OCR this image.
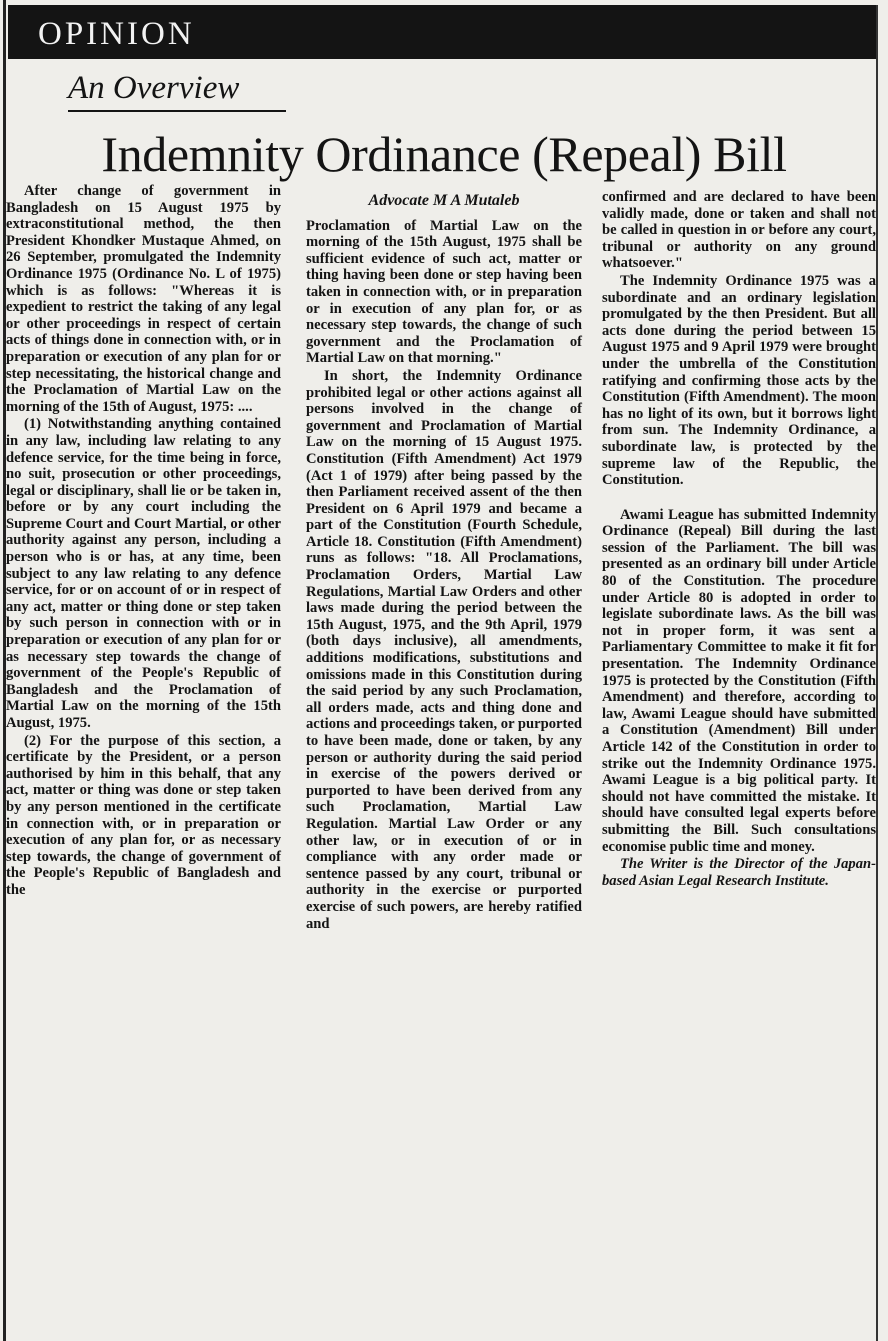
OPINION
An Overview
Indemnity Ordinance (Repeal) Bill

After change of government in Bangladesh on 15 August 1975 by extraconstitutional method, the then President Khondker Mustaque Ahmed, on 26 September, promulgated the Indemnity Ordinance 1975 (Ordinance No. L of 1975) which is as follows: "Whereas it is expedient to restrict the taking of any legal or other proceedings in respect of certain acts of things done in connection with, or in preparation or execution of any plan for or step necessitating, the historical change and the Proclamation of Martial Law on the morning of the 15th of August, 1975: ....

(1) Notwithstanding anything contained in any law, including law relating to any defence service, for the time being in force, no suit, prosecution or other proceedings, legal or disciplinary, shall lie or be taken in, before or by any court including the Supreme Court and Court Martial, or other authority against any person, including a person who is or has, at any time, been subject to any law relating to any defence service, for or on account of or in respect of any act, matter or thing done or step taken by such person in connection with or in preparation or execution of any plan for or as necessary step towards the change of government of the People's Republic of Bangladesh and the Proclamation of Martial Law on the morning of the 15th August, 1975.

(2) For the purpose of this section, a certificate by the President, or a person authorised by him in this behalf, that any act, matter or thing was done or step taken by any person mentioned in the certificate in connection with, or in preparation or execution of any plan for, or as necessary step towards, the change of government of the People's Republic of Bangladesh and the

Advocate M A Mutaleb

Proclamation of Martial Law on the morning of the 15th August, 1975 shall be sufficient evidence of such act, matter or thing having been done or step having been taken in connection with, or in preparation or in execution of any plan for, or as necessary step towards, the change of such government and the Proclamation of Martial Law on that morning."

In short, the Indemnity Ordinance prohibited legal or other actions against all persons involved in the change of government and Proclamation of Martial Law on the morning of 15 August 1975. Constitution (Fifth Amendment) Act 1979 (Act 1 of 1979) after being passed by the then Parliament received assent of the then President on 6 April 1979 and became a part of the Constitution (Fourth Schedule, Article 18. Constitution (Fifth Amendment) runs as follows: "18. All Proclamations, Proclamation Orders, Martial Law Regulations, Martial Law Orders and other laws made during the period between the 15th August, 1975, and the 9th April, 1979 (both days inclusive), all amendments, additions modifications, substitutions and omissions made in this Constitution during the said period by any such Proclamation, all orders made, acts and thing done and actions and proceedings taken, or purported to have been made, done or taken, by any person or authority during the said period in exercise of the powers derived or purported to have been derived from any such Proclamation, Martial Law Regulation. Martial Law Order or any other law, or in execution of or in compliance with any order made or sentence passed by any court, tribunal or authority in the exercise or purported exercise of such powers, are hereby ratified and

confirmed and are declared to have been validly made, done or taken and shall not be called in question in or before any court, tribunal or authority on any ground whatsoever."

The Indemnity Ordinance 1975 was a subordinate and an ordinary legislation promulgated by the then President. But all acts done during the period between 15 August 1975 and 9 April 1979 were brought under the umbrella of the Constitution ratifying and confirming those acts by the Constitution (Fifth Amendment). The moon has no light of its own, but it borrows light from sun. The Indemnity Ordinance, a subordinate law, is protected by the supreme law of the Republic, the Constitution.

Awami League has submitted Indemnity Ordinance (Repeal) Bill during the last session of the Parliament. The bill was presented as an ordinary bill under Article 80 of the Constitution. The procedure under Article 80 is adopted in order to legislate subordinate laws. As the bill was not in proper form, it was sent a Parliamentary Committee to make it fit for presentation. The Indemnity Ordinance 1975 is protected by the Constitution (Fifth Amendment) and therefore, according to law, Awami League should have submitted a Constitution (Amendment) Bill under Article 142 of the Constitution in order to strike out the Indemnity Ordinance 1975. Awami League is a big political party. It should not have committed the mistake. It should have consulted legal experts before submitting the Bill. Such consultations economise public time and money.

The Writer is the Director of the Japan-based Asian Legal Research Institute.
